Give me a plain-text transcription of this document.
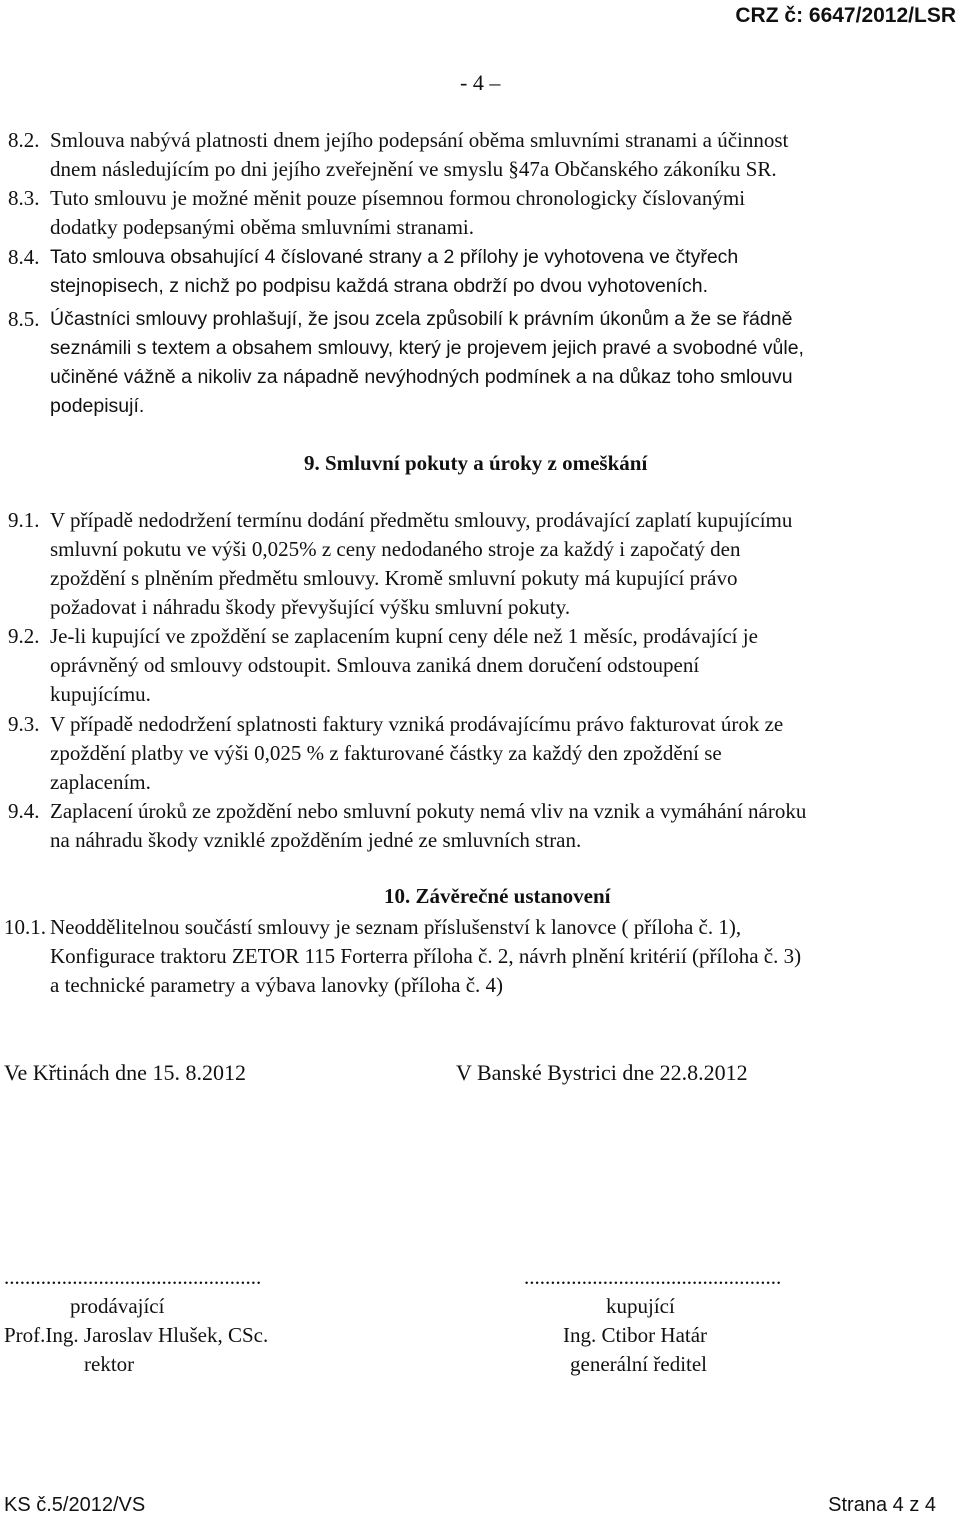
CRZ č: 6647/2012/LSR
- 4 –
8.2. Smlouva nabývá platnosti dnem jejího podepsání oběma smluvními stranami a účinnost
dnem následujícím po dni jejího zveřejnění ve smyslu §47a Občanského zákoníku SR.
8.3. Tuto smlouvu je možné měnit pouze písemnou formou chronologicky číslovanými
dodatky podepsanými oběma smluvními stranami.
8.4. Tato smlouva obsahující 4 číslované strany a 2 přílohy je vyhotovena ve čtyřech
stejnopisech, z nichž po podpisu každá strana obdrží po dvou vyhotoveních.
8.5. Účastníci smlouvy prohlašují, že jsou zcela způsobilí k právním úkonům a že se řádně
seznámili s textem a obsahem smlouvy, který je projevem jejich pravé a svobodné vůle,
učiněné vážně a nikoliv za nápadně nevýhodných podmínek a na důkaz toho smlouvu
podepisují.
9. Smluvní pokuty a úroky z omeškání
9.1. V případě nedodržení termínu dodání předmětu smlouvy, prodávající zaplatí kupujícímu
smluvní pokutu ve výši 0,025% z ceny nedodaného stroje za každý i započatý den
zpoždění s plněním předmětu smlouvy. Kromě smluvní pokuty má kupující právo
požadovat i náhradu škody převyšující výšku smluvní pokuty.
9.2. Je-li kupující ve zpoždění se zaplacením kupní ceny déle než 1 měsíc, prodávající je
oprávněný od smlouvy odstoupit. Smlouva zaniká dnem doručení odstoupení
kupujícímu.
9.3. V případě nedodržení splatnosti faktury vzniká prodávajícímu právo fakturovat úrok ze
zpoždění platby ve výši 0,025 % z fakturované částky za každý den zpoždění se
zaplacením.
9.4. Zaplacení úroků ze zpoždění nebo smluvní pokuty nemá vliv na vznik a vymáhání nároku
na náhradu škody vzniklé zpožděním jedné ze smluvních stran.
10. Závěrečné ustanovení
10.1. Neoddělitelnou součástí smlouvy je seznam příslušenství k lanovce ( příloha č. 1),
Konfigurace traktoru ZETOR 115 Forterra příloha č. 2, návrh plnění kritérií (příloha č. 3)
a technické parametry a výbava lanovky (příloha č. 4)
Ve Křtinách dne 15. 8.2012	V Banské Bystrici dne 22.8.2012
.................................................
prodávající
Prof.Ing. Jaroslav Hlušek, CSc.
rektor
.................................................
kupující
Ing. Ctibor Határ
generální ředitel
KS č.5/2012/VS	Strana 4 z 4
